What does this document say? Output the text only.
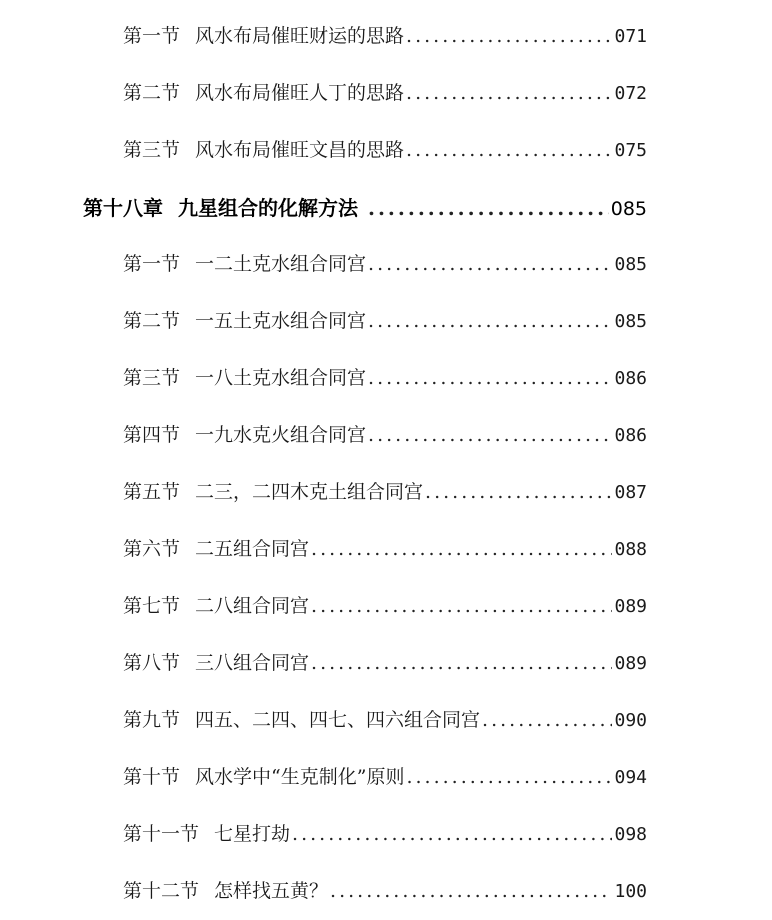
第一节 风水布局催旺财运的思路 .....	071
第二节 风水布局催旺人丁的思路 .....	072
第三节 风水布局催旺文昌的思路 .....	075
第十八章 九星组合的化解方法 .....	085
第一节 一二土克水组合同宫 .....	085
第二节 一五土克水组合同宫 .....	085
第三节 一八土克水组合同宫 .....	086
第四节 一九水克火组合同宫 .....	086
第五节 二三，二四木克土组合同宫 .....	087
第六节 二五组合同宫 .....	088
第七节 二八组合同宫 .....	089
第八节 三八组合同宫 .....	089
第九节 四五、二四、四七、四六组合同宫 .....	090
第十节 风水学中“生克制化”原则 .....	094
第十一节 七星打劫 .....	098
第十二节 怎样找五黄？ .....	100
